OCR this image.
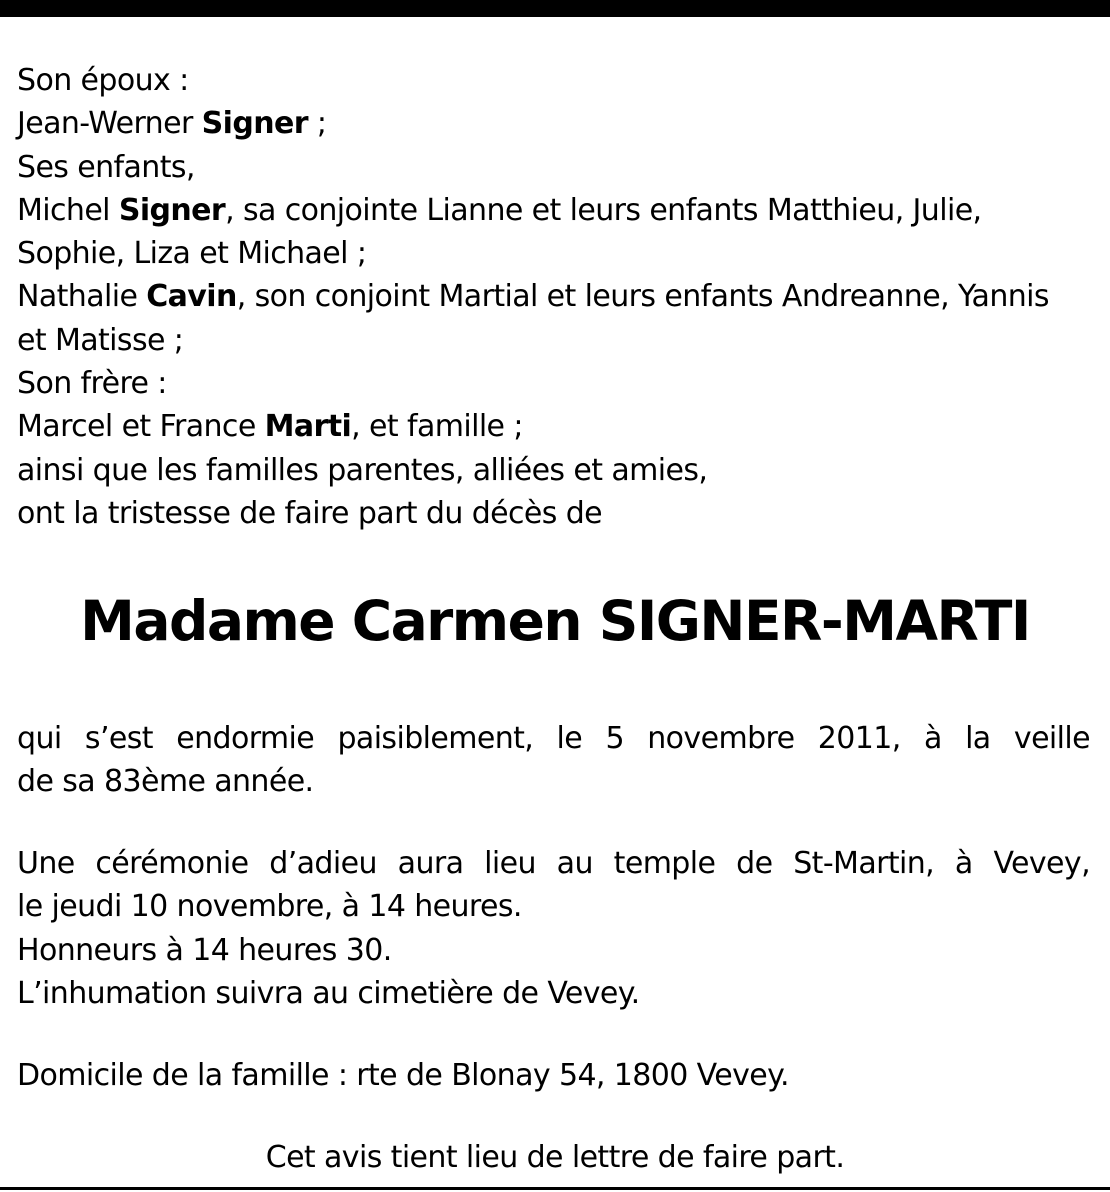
Son époux :
Jean-Werner Signer ;
Ses enfants,
Michel Signer, sa conjointe Lianne et leurs enfants Matthieu, Julie,
Sophie, Liza et Michael ;
Nathalie Cavin, son conjoint Martial et leurs enfants Andreanne, Yannis
et Matisse ;
Son frère :
Marcel et France Marti, et famille ;
ainsi que les familles parentes, alliées et amies,
ont la tristesse de faire part du décès de
Madame Carmen SIGNER-MARTI
qui s’est endormie paisiblement, le 5 novembre 2011, à la veille
de sa 83ème année.
Une cérémonie d’adieu aura lieu au temple de St-Martin, à Vevey,
le jeudi 10 novembre, à 14 heures.
Honneurs à 14 heures 30.
L’inhumation suivra au cimetière de Vevey.
Domicile de la famille : rte de Blonay 54, 1800 Vevey.
Cet avis tient lieu de lettre de faire part.
